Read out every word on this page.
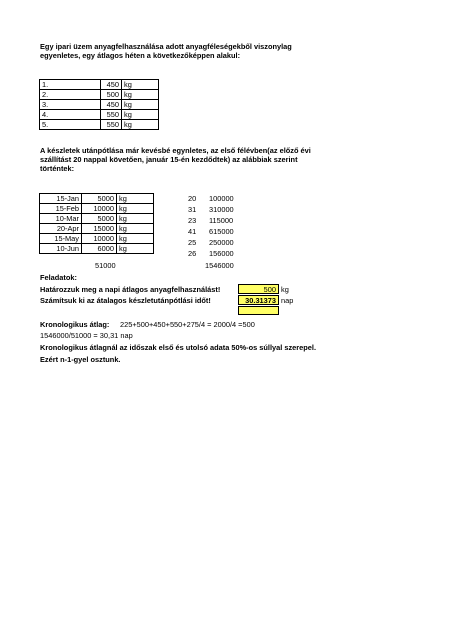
Egy ipari üzem anyagfelhasználása adott anyagféleségekből viszonylag
egyenletes, egy átlagos héten a következőképpen alakul:
1.	450	kg
2.	500	kg
3.	450	kg
4.	550	kg
5.	550	kg
A készletek utánpótlása már kevésbé egynletes, az első félévben(az előző évi
szállítást 20 nappal követően, január 15-én kezdődtek) az alábbiak szerint
történtek:
15-Jan	5000	kg
15-Feb	10000	kg
10-Mar	5000	kg
20-Apr	15000	kg
15-May	10000	kg
10-Jun	6000	kg
20 100000
31 310000
23 115000
41 615000
25 250000
26 156000
51000	1546000
Feladatok:
Határozzuk meg a napi átlagos anyagfelhasználást!	500 kg
Számítsuk ki az átalagos készletutánpótlási időt!	30.31373 nap
Kronologikus átlag: 225+500+450+550+275/4 = 2000/4 =500
1546000/51000 = 30,31 nap
Kronologikus átlagnál az időszak első és utolsó adata 50%-os súllyal szerepel.
Ezért n-1-gyel osztunk.
